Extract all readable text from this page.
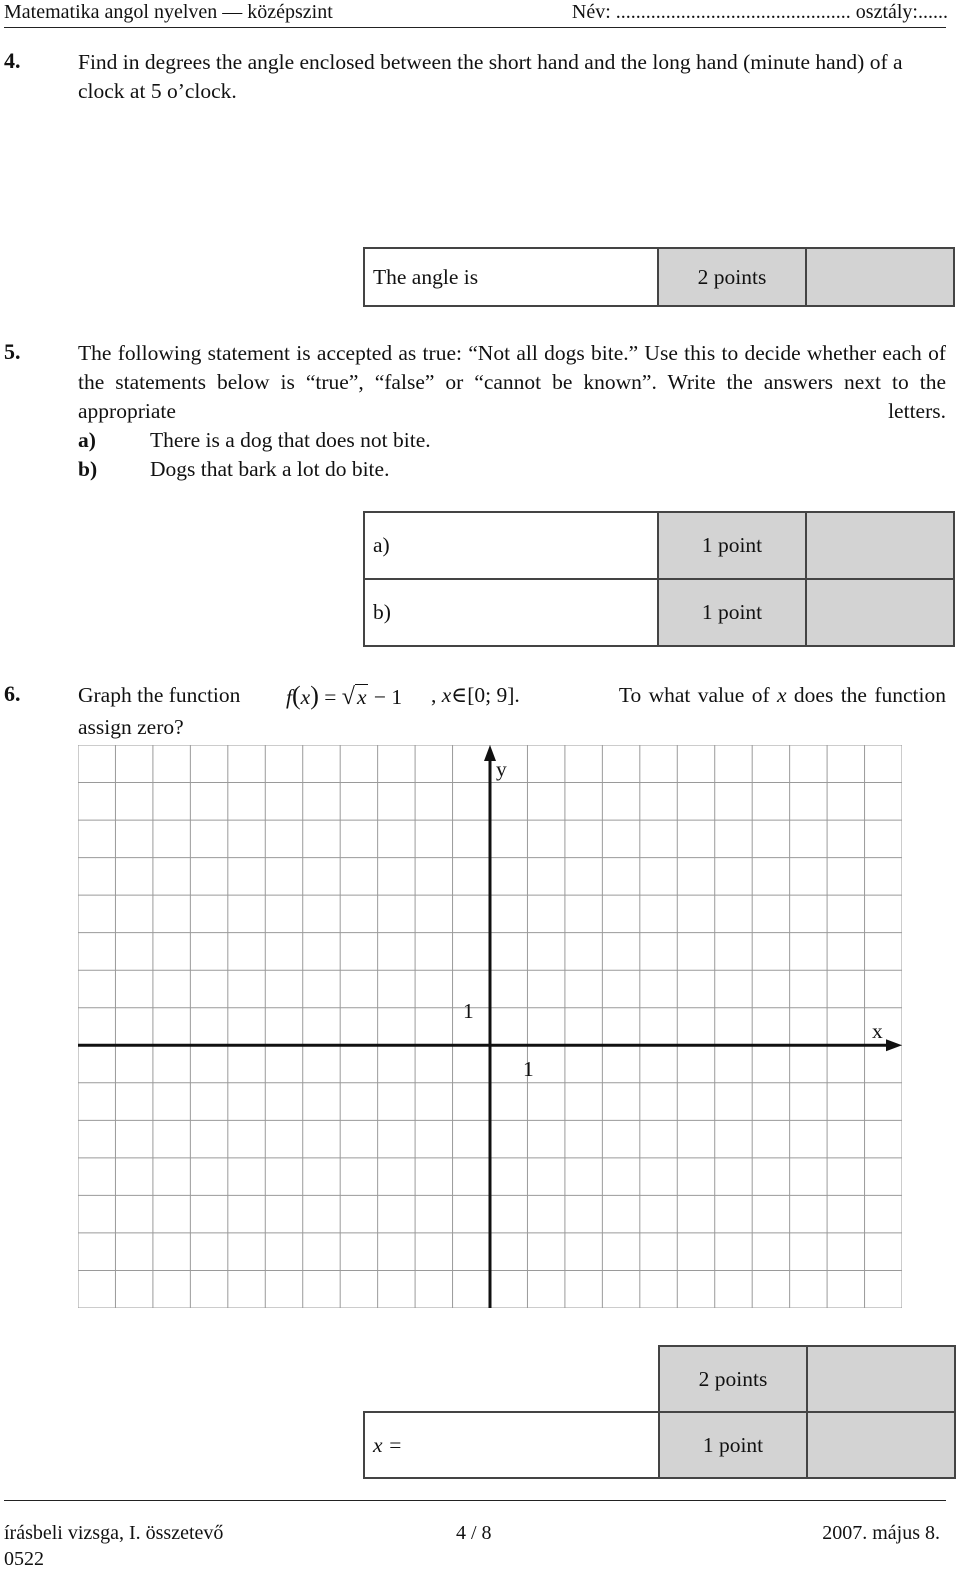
Matematika angol nyelven — középszint	Név: ............................................... osztály:......
4.	Find in degrees the angle enclosed between the short hand and the long hand (minute hand) of a clock at 5 o’clock.
The angle is	2 points	
5.	The following statement is accepted as true: “Not all dogs bite.” Use this to decide whether each of the statements below is “true”, “false” or “cannot be known”. Write the answers next to the appropriate letters.
a)	There is a dog that does not bite.
b) Dogs that bark a lot do bite.
a)	1 point	
b)	1 point	
6.	Graph the function f(x) = √x − 1 , x∈[0; 9].	To what value of x does the function
assign zero?
y
x
1
1
	2 points	
x =	1 point	
írásbeli vizsga, I. összetevő
0522
4 / 8	2007. május 8.
